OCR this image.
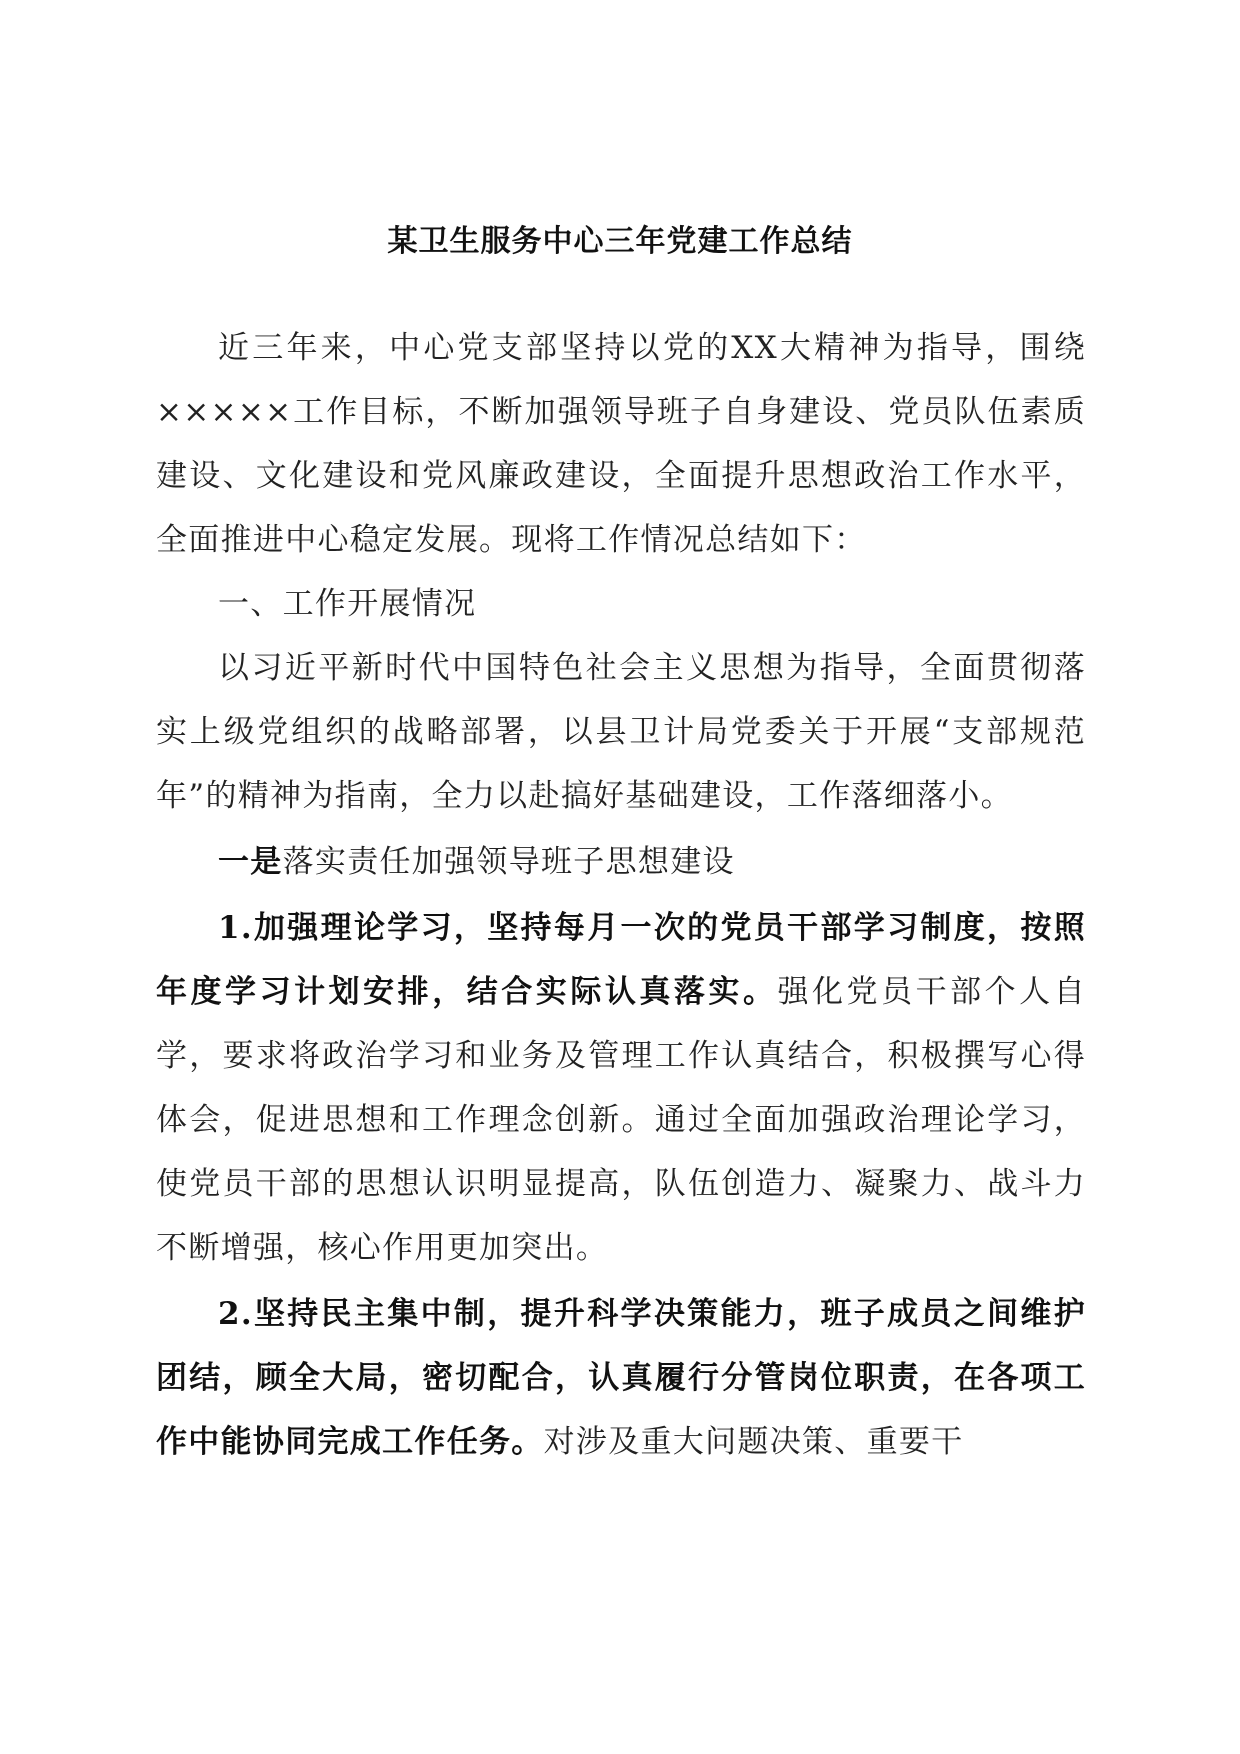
某卫生服务中心三年党建工作总结

近三年来，中心党支部坚持以党的XX大精神为指导，围绕×××××工作目标，不断加强领导班子自身建设、党员队伍素质建设、文化建设和党风廉政建设，全面提升思想政治工作水平，全面推进中心稳定发展。现将工作情况总结如下：

一、工作开展情况

以习近平新时代中国特色社会主义思想为指导，全面贯彻落实上级党组织的战略部署，以县卫计局党委关于开展“支部规范年”的精神为指南，全力以赴搞好基础建设，工作落细落小。

一是落实责任加强领导班子思想建设

1.加强理论学习，坚持每月一次的党员干部学习制度，按照年度学习计划安排，结合实际认真落实。强化党员干部个人自学，要求将政治学习和业务及管理工作认真结合，积极撰写心得体会，促进思想和工作理念创新。通过全面加强政治理论学习，使党员干部的思想认识明显提高，队伍创造力、凝聚力、战斗力不断增强，核心作用更加突出。

2.坚持民主集中制，提升科学决策能力，班子成员之间维护团结，顾全大局，密切配合，认真履行分管岗位职责，在各项工作中能协同完成工作任务。对涉及重大问题决策、重要干
